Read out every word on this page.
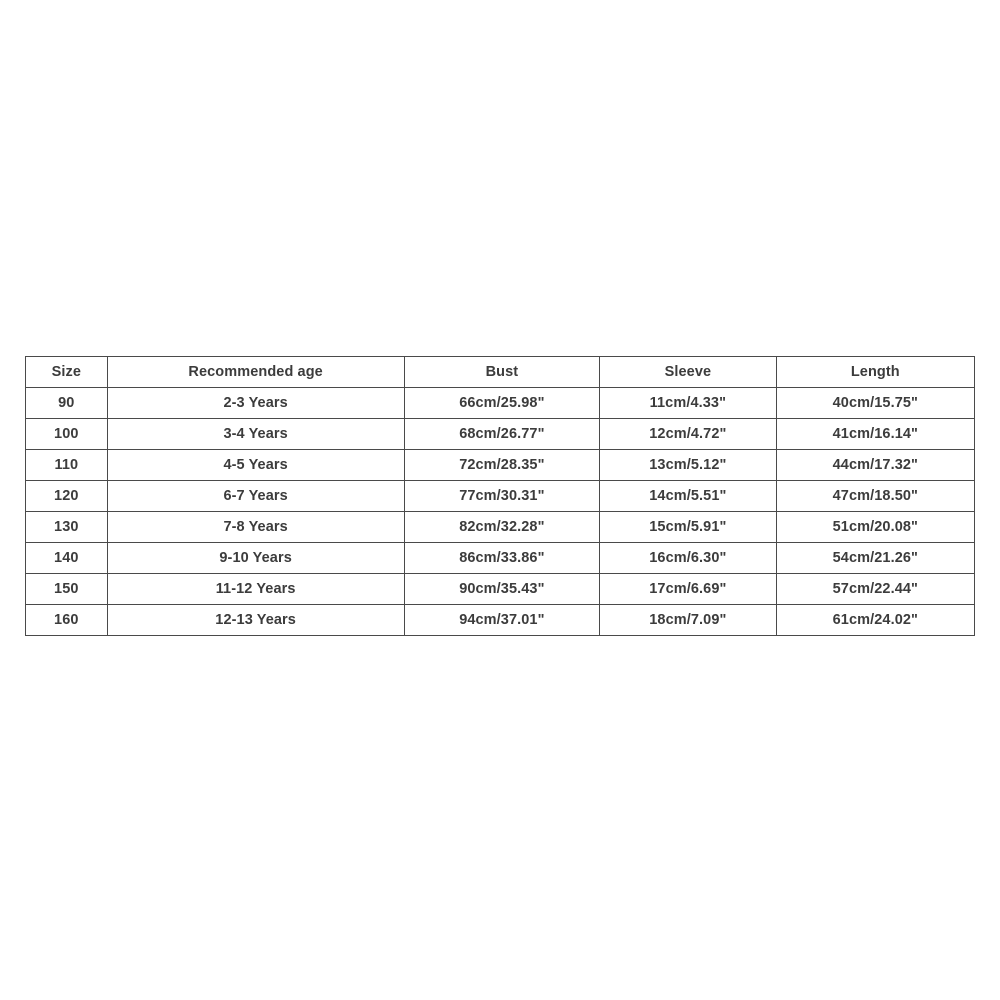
Size	Recommended age	Bust	Sleeve	Length
90	2-3 Years	66cm/25.98"	11cm/4.33"	40cm/15.75"
100	3-4 Years	68cm/26.77"	12cm/4.72"	41cm/16.14"
110	4-5 Years	72cm/28.35"	13cm/5.12"	44cm/17.32"
120	6-7 Years	77cm/30.31"	14cm/5.51"	47cm/18.50"
130	7-8 Years	82cm/32.28"	15cm/5.91"	51cm/20.08"
140	9-10 Years	86cm/33.86"	16cm/6.30"	54cm/21.26"
150	11-12 Years	90cm/35.43"	17cm/6.69"	57cm/22.44"
160	12-13 Years	94cm/37.01"	18cm/7.09"	61cm/24.02"
